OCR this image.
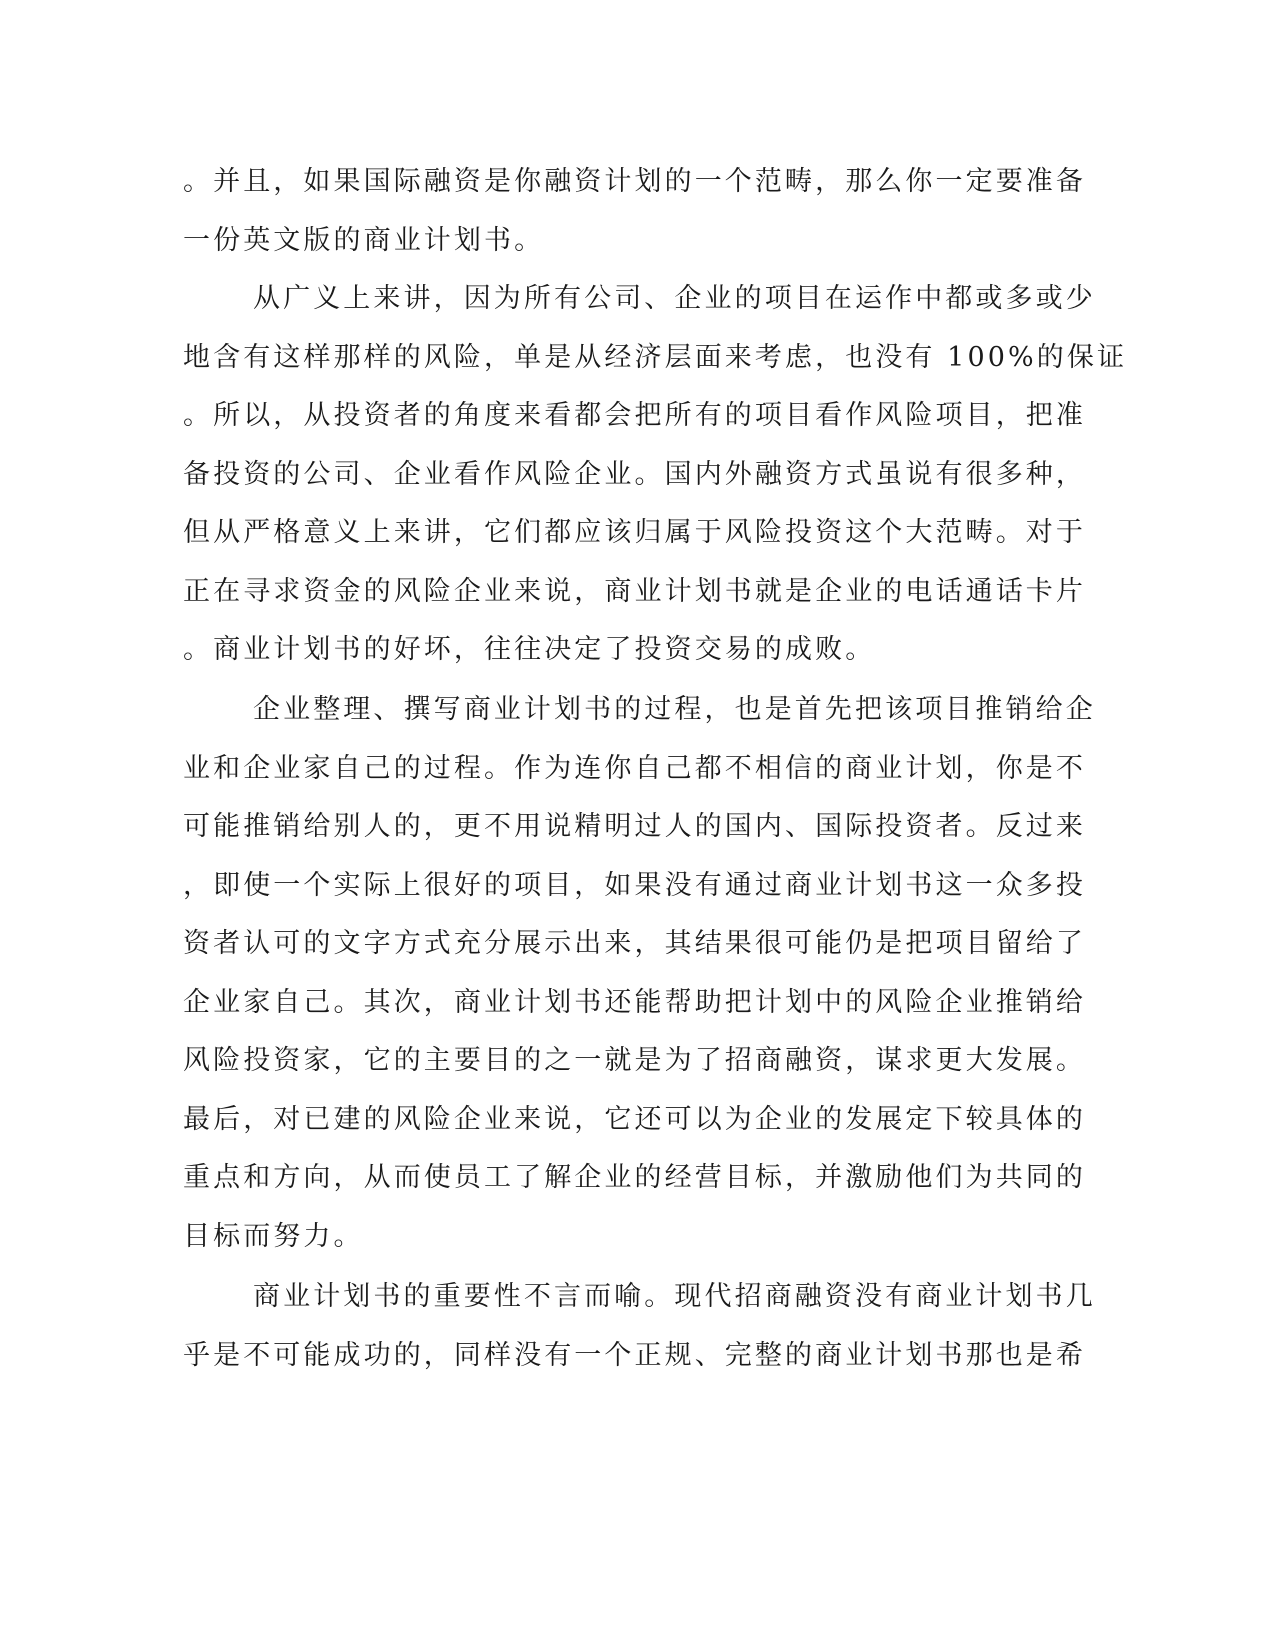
。并且，如果国际融资是你融资计划的一个范畴，那么你一定要准备
一份英文版的商业计划书。
从广义上来讲，因为所有公司、企业的项目在运作中都或多或少
地含有这样那样的风险，单是从经济层面来考虑，也没有 100%的保证
。所以，从投资者的角度来看都会把所有的项目看作风险项目，把准
备投资的公司、企业看作风险企业。国内外融资方式虽说有很多种，
但从严格意义上来讲，它们都应该归属于风险投资这个大范畴。对于
正在寻求资金的风险企业来说，商业计划书就是企业的电话通话卡片
。商业计划书的好坏，往往决定了投资交易的成败。
企业整理、撰写商业计划书的过程，也是首先把该项目推销给企
业和企业家自己的过程。作为连你自己都不相信的商业计划，你是不
可能推销给别人的，更不用说精明过人的国内、国际投资者。反过来
，即使一个实际上很好的项目，如果没有通过商业计划书这一众多投
资者认可的文字方式充分展示出来，其结果很可能仍是把项目留给了
企业家自己。其次，商业计划书还能帮助把计划中的风险企业推销给
风险投资家，它的主要目的之一就是为了招商融资，谋求更大发展。
最后，对已建的风险企业来说，它还可以为企业的发展定下较具体的
重点和方向，从而使员工了解企业的经营目标，并激励他们为共同的
目标而努力。
商业计划书的重要性不言而喻。现代招商融资没有商业计划书几
乎是不可能成功的，同样没有一个正规、完整的商业计划书那也是希
